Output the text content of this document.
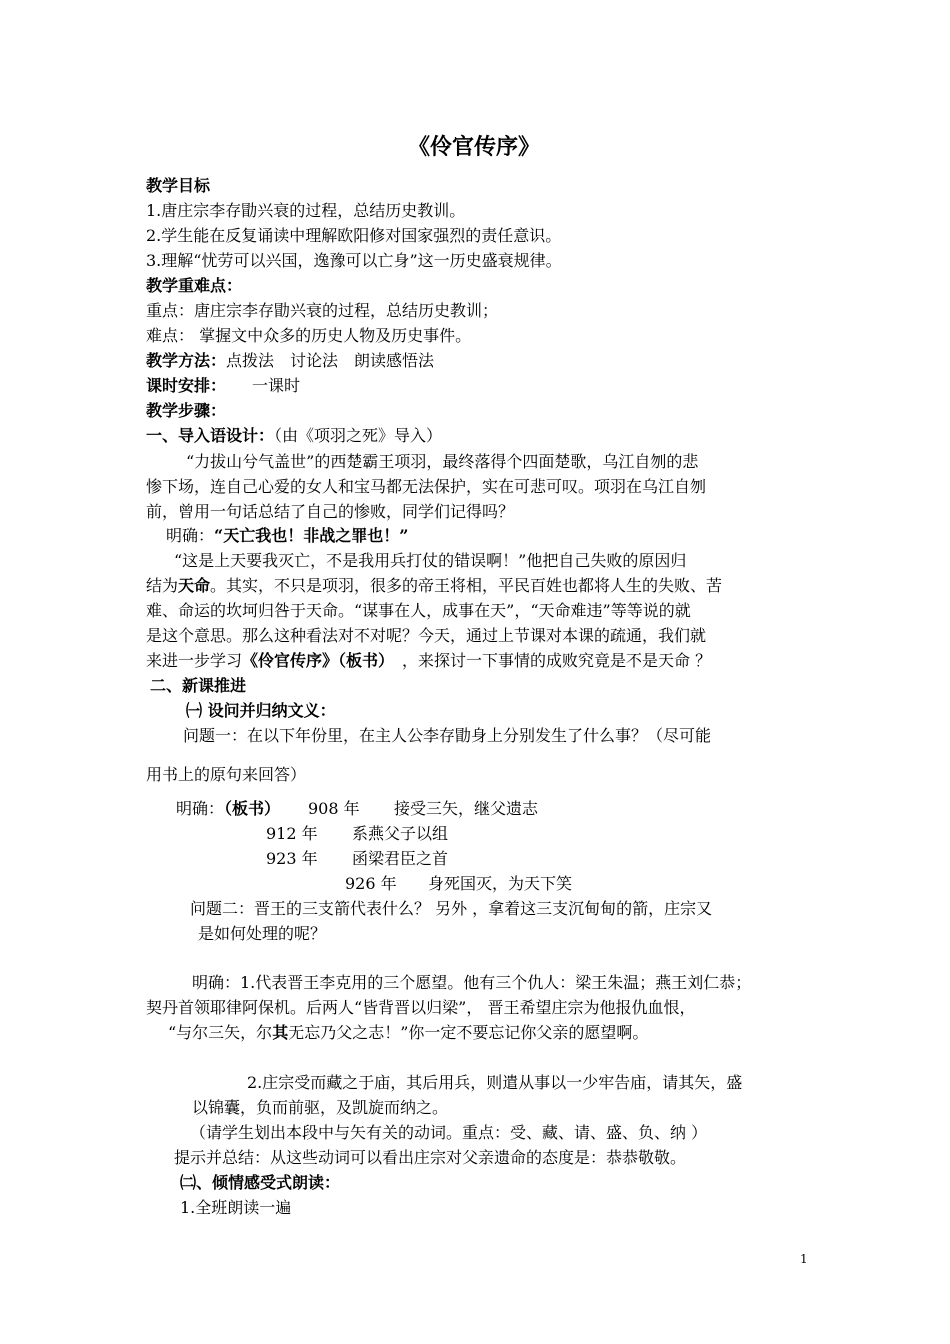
《伶官传序》
教学目标
1.唐庄宗李存勖兴衰的过程，总结历史教训。
2.学生能在反复诵读中理解欧阳修对国家强烈的责任意识。
3.理解“忧劳可以兴国，逸豫可以亡身”这一历史盛衰规律。
教学重难点：
重点：唐庄宗李存勖兴衰的过程，总结历史教训；
难点： 掌握文中众多的历史人物及历史事件。
教学方法：点拨法　讨论法　朗读感悟法
课时安排： 一课时
教学步骤：
一、导入语设计：（由《项羽之死》导入）
“力拔山兮气盖世”的西楚霸王项羽，最终落得个四面楚歌，乌江自刎的悲
惨下场，连自己心爱的女人和宝马都无法保护，实在可悲可叹。项羽在乌江自刎
前，曾用一句话总结了自己的惨败，同学们记得吗？
明确：“天亡我也！非战之罪也！”
“这是上天要我灭亡，不是我用兵打仗的错误啊！”他把自己失败的原因归
结为天命。其实，不只是项羽，很多的帝王将相，平民百姓也都将人生的失败、苦
难、命运的坎坷归咎于天命。“谋事在人，成事在天”，“天命难违”等等说的就
是这个意思。那么这种看法对不对呢？今天，通过上节课对本课的疏通，我们就
来进一步学习《伶官传序》（板书）　，来探讨一下事情的成败究竟是不是天命 ？
二、新课推进
㈠ 设问并归纳文义：
问题一：在以下年份里，在主人公李存勖身上分别发生了什么事？（尽可能
用书上的原句来回答）
明确：（板书） 908 年 接受三矢，继父遗志
912 年 系燕父子以组
923 年 函梁君臣之首
926 年 身死国灭，为天下笑
问题二：晋王的三支箭代表什么？ 另外 ，拿着这三支沉甸甸的箭，庄宗又
是如何处理的呢？
明确：1.代表晋王李克用的三个愿望。他有三个仇人：梁王朱温；燕王刘仁恭；
契丹首领耶律阿保机。后两人“皆背晋以归梁”， 晋王希望庄宗为他报仇血恨，
“与尔三矢，尔其无忘乃父之志！”你一定不要忘记你父亲的愿望啊。
2.庄宗受而藏之于庙，其后用兵，则遣从事以一少牢告庙，请其矢，盛
以锦囊，负而前驱，及凯旋而纳之。
（请学生划出本段中与矢有关的动词。重点：受、藏、请、盛、负、纳 ）
提示并总结：从这些动词可以看出庄宗对父亲遗命的态度是：恭恭敬敬。
㈡、倾情感受式朗读：
1.全班朗读一遍
1
